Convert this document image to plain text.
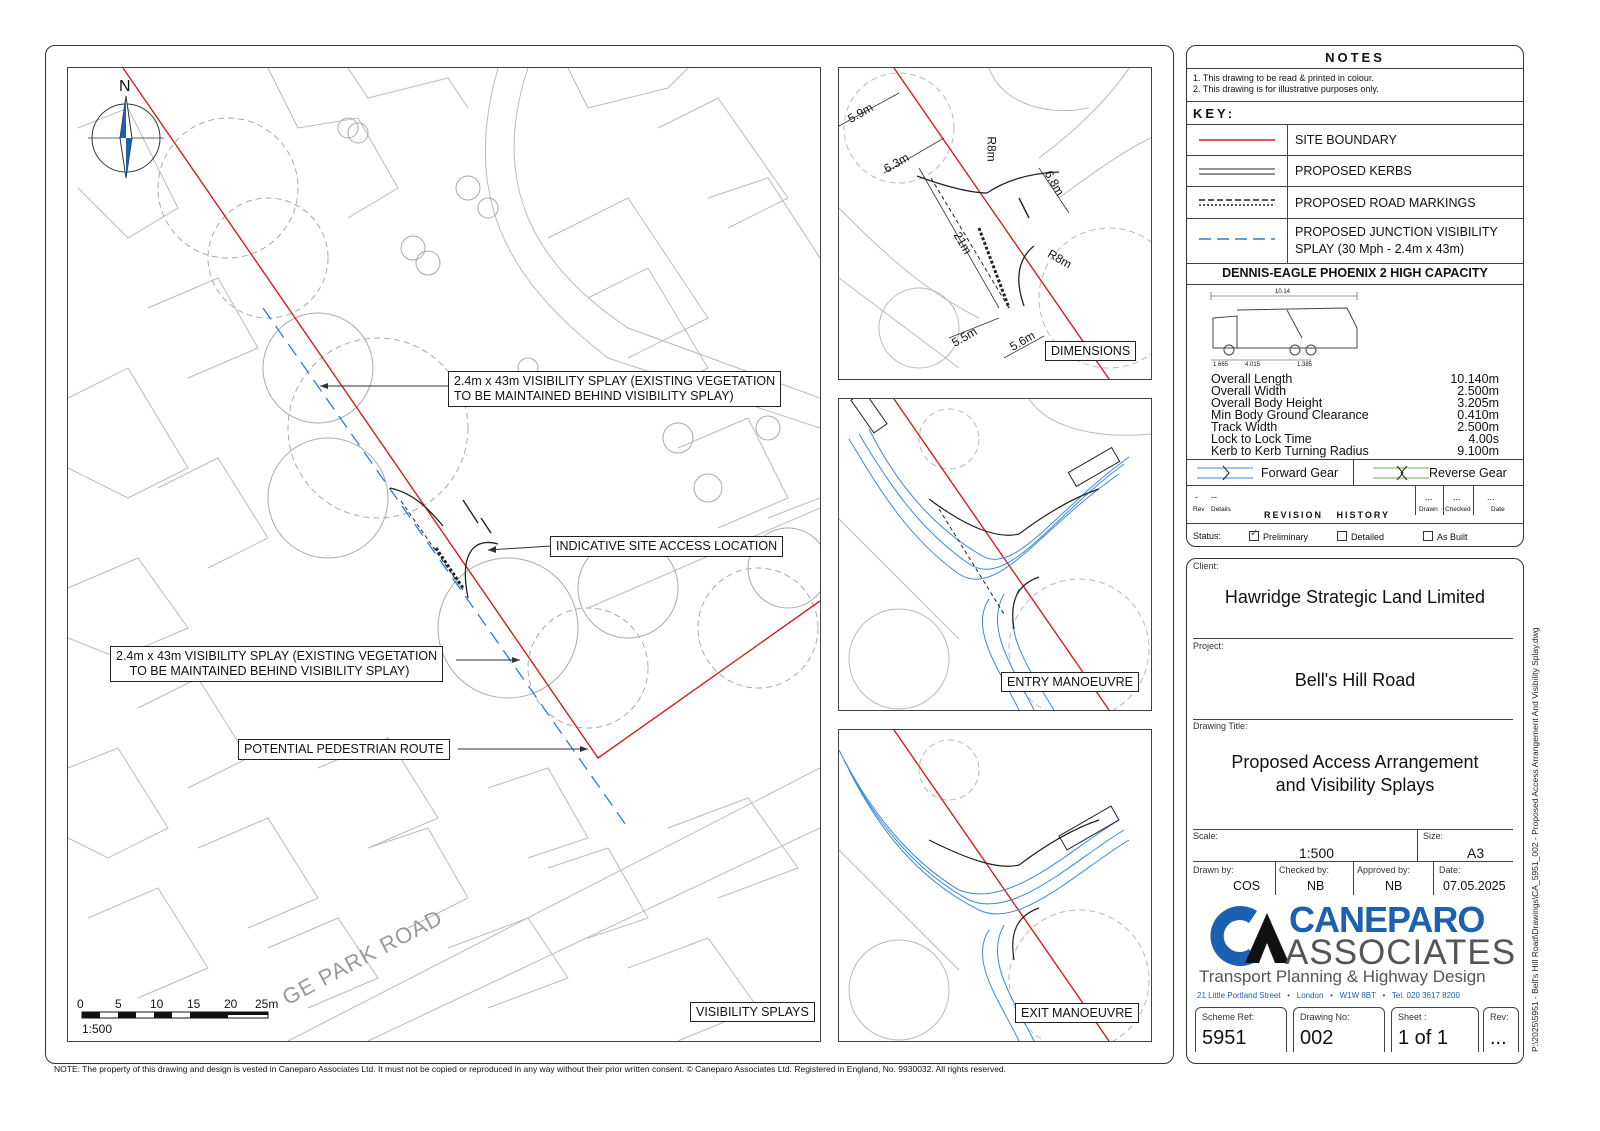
N
GE PARK ROAD
0	5 10 15 20 25m
1:500
2.4m x 43m VISIBILITY SPLAY (EXISTING VEGETATION
TO BE MAINTAINED BEHIND VISIBILITY SPLAY)
INDICATIVE SITE ACCESS LOCATION
2.4m x 43m VISIBILITY SPLAY (EXISTING VEGETATION
TO BE MAINTAINED BEHIND VISIBILITY SPLAY)
POTENTIAL PEDESTRIAN ROUTE
VISIBILITY SPLAYS
5.9m
6.3m
R8m
6.8m
21m
R8m
5.5m 5.6m	DIMENSIONS
ENTRY MANOEUVRE
EXIT MANOEUVRE
NOTE: The property of this drawing and design is vested in Caneparo Associates Ltd. It must not be copied or reproduced in any way without their prior written consent. © Caneparo Associates Ltd. Registered in England, No. 9930032. All rights reserved.
NOTES
1. This drawing to be read & printed in colour.
2. This drawing is for illustrative purposes only.
KEY:
SITE BOUNDARY
PROPOSED KERBS
PROPOSED ROAD MARKINGS
PROPOSED JUNCTION VISIBILITY
SPLAY (30 Mph - 2.4m x 43m)
DENNIS-EAGLE PHOENIX 2 HIGH CAPACITY
10.14
1.665	4.015	1.385
Overall Length	10.140m
Overall Width	2.500m
Overall Body Height	3.205m
Min Body Ground Clearance	0.410m
Track Width	2.500m
Lock to Lock Time	4.00s
Kerb to Kerb Turning Radius	9.100m
Forward Gear	Reverse Gear
- --	... ...	...
Rev Details	Drawn Checked	Date
REVISION   HISTORY
Status:
✓	Preliminary	Detailed	As Built
Client:
Hawridge Strategic Land Limited
Project:
Bell's Hill Road
Drawing Title:
Proposed Access Arrangement
and Visibility Splays
Scale:
1:500
Size:
A3
Drawn by:
COS
Checked by:
NB
Approved by:
NB
Date:
07.05.2025
CANEPARO
ASSOCIATES
Transport Planning & Highway Design
21 Little Portland Street   •   London   •   W1W 8BT   •   Tel. 020 3617 8200
Scheme Ref:
5951
Drawing No:
002
Sheet :
1 of 1
Rev:
...	P:\2025\5951 - Bell's Hill Road\Drawings\CA_5951_002 - Proposed Access Arrangement And Visibility Splay.dwg
